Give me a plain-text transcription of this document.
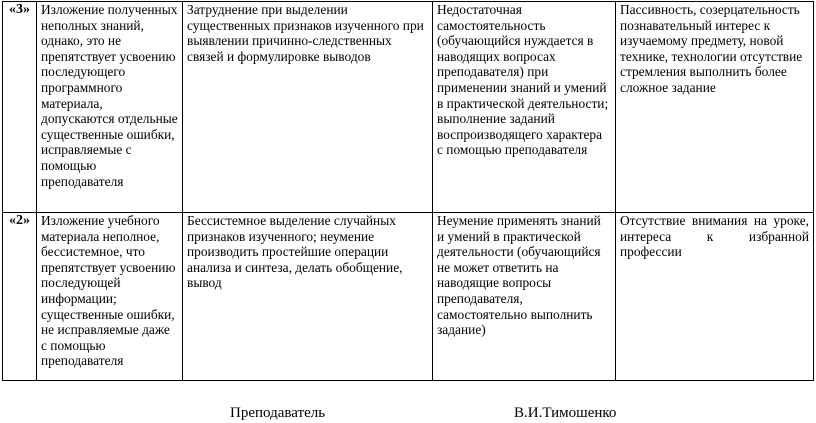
«3»	Изложение полученных неполных знаний, однако, это не препятствует усвоению последующего программного материала, допускаются отдельные существенные ошибки, исправляемые с помощью преподавателя	Затруднение при выделении существенных признаков изученного при выявлении причинно-следственных связей и формулировке выводов	Недостаточная самостоятельность (обучающийся нуждается в наводящих вопросах преподавателя) при применении знаний и умений в практической деятельности; выполнение заданий воспроизводящего характера с помощью преподавателя	Пассивность, созерцательность познавательный интерес к изучаемому предмету, новой технике, технологии отсутствие стремления выполнить более сложное задание
«2»	Изложение учебного материала неполное, бессистемное, что препятствует усвоению последующей информации; существенные ошибки, не исправляемые даже с помощью преподавателя	Бессистемное выделение случайных признаков изученного; неумение производить простейшие операции анализа и синтеза, делать обобщение, вывод	Неумение применять знаний и умений в практической деятельности (обучающийся не может ответить на наводящие вопросы преподавателя, самостоятельно выполнить задание)	Отсутствие внимания на уроке, интереса к избранной профессии
Преподаватель	В.И.Тимошенко
